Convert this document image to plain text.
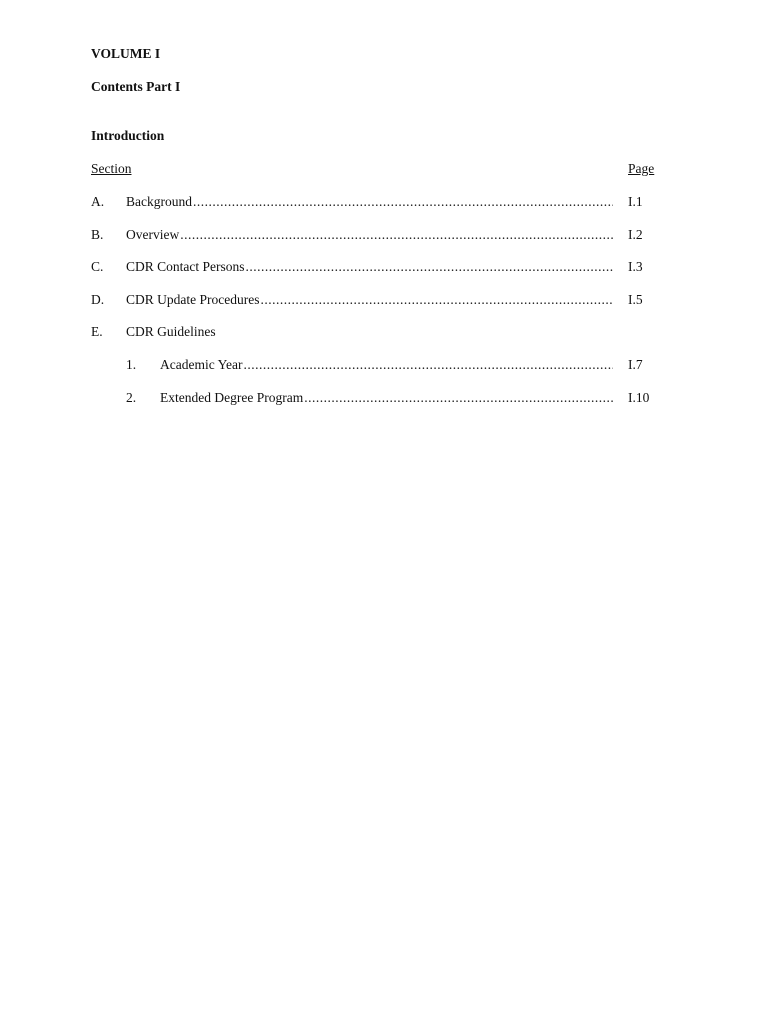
VOLUME I
Contents Part I
Introduction
Section	Page
A. Background .....	I.1
B. Overview .....	I.2
C. CDR Contact Persons .....	I.3
D. CDR Update Procedures .....	I.5
E. CDR Guidelines
1. Academic Year .....	I.7
2. Extended Degree Program .....	I.10
